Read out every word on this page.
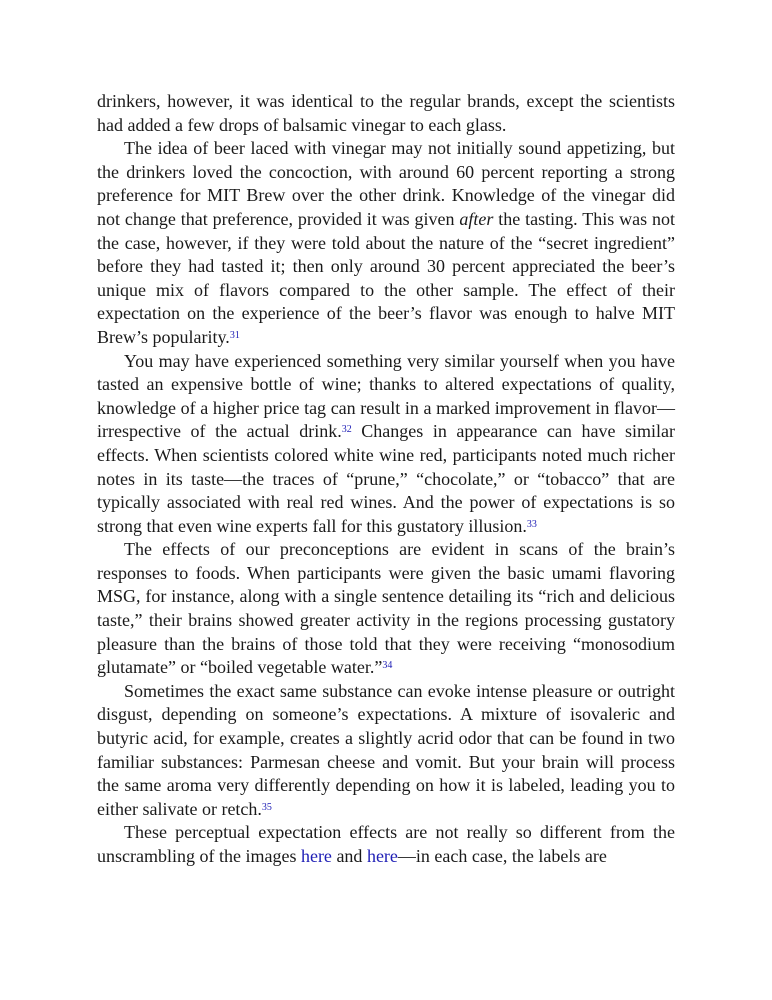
drinkers, however, it was identical to the regular brands, except the scientists had added a few drops of balsamic vinegar to each glass.

The idea of beer laced with vinegar may not initially sound appetizing, but the drinkers loved the concoction, with around 60 percent reporting a strong preference for MIT Brew over the other drink. Knowledge of the vinegar did not change that preference, provided it was given after the tasting. This was not the case, however, if they were told about the nature of the “secret ingredient” before they had tasted it; then only around 30 percent appreciated the beer’s unique mix of flavors compared to the other sample. The effect of their expectation on the experience of the beer’s flavor was enough to halve MIT Brew’s popularity.$^{31}$

You may have experienced something very similar yourself when you have tasted an expensive bottle of wine; thanks to altered expectations of quality, knowledge of a higher price tag can result in a marked improvement in flavor—irrespective of the actual drink.$^{32}$ Changes in appearance can have similar effects. When scientists colored white wine red, participants noted much richer notes in its taste—the traces of “prune,” “chocolate,” or “tobacco” that are typically associated with real red wines. And the power of expectations is so strong that even wine experts fall for this gustatory illusion.$^{33}$

The effects of our preconceptions are evident in scans of the brain’s responses to foods. When participants were given the basic umami flavoring MSG, for instance, along with a single sentence detailing its “rich and delicious taste,” their brains showed greater activity in the regions processing gustatory pleasure than the brains of those told that they were receiving “monosodium glutamate” or “boiled vegetable water.”$^{34}$

Sometimes the exact same substance can evoke intense pleasure or outright disgust, depending on someone’s expectations. A mixture of isovaleric and butyric acid, for example, creates a slightly acrid odor that can be found in two familiar substances: Parmesan cheese and vomit. But your brain will process the same aroma very differently depending on how it is labeled, leading you to either salivate or retch.$^{35}$

These perceptual expectation effects are not really so different from the unscrambling of the images here and here—in each case, the labels are
